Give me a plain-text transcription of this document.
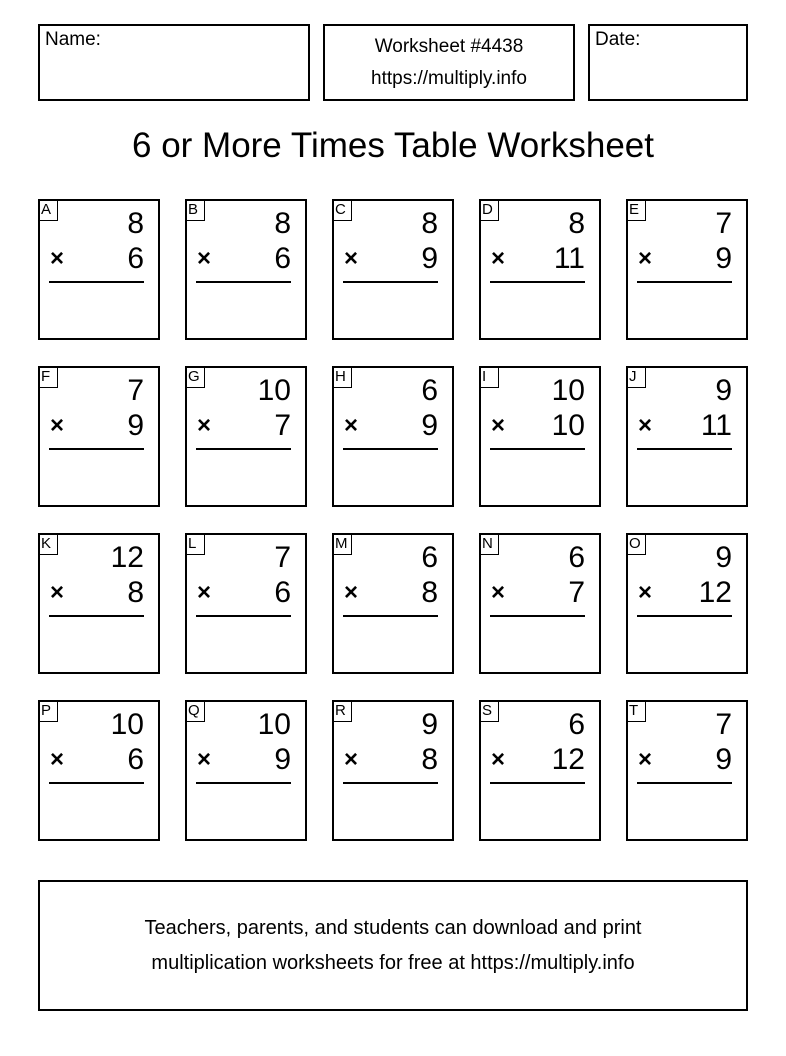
Name:	Worksheet #4438
https://multiply.info
Date:
6 or More Times Table Worksheet
A	8
× 6
B	8
× 6
C	8
× 9
D	8
× 11
E	7
× 9
F	7
× 9
G 10
× 7
H	6
× 9
I	10
× 10
J	9
× 11
K 12
× 8
L	7
× 6
M 6
× 8
N	6
× 7
O 9
× 12
P 10
× 6
Q 10
× 9
R	9
× 8
S	6
× 12
T	7
× 9
Teachers, parents, and students can download and print
multiplication worksheets for free at https://multiply.info
